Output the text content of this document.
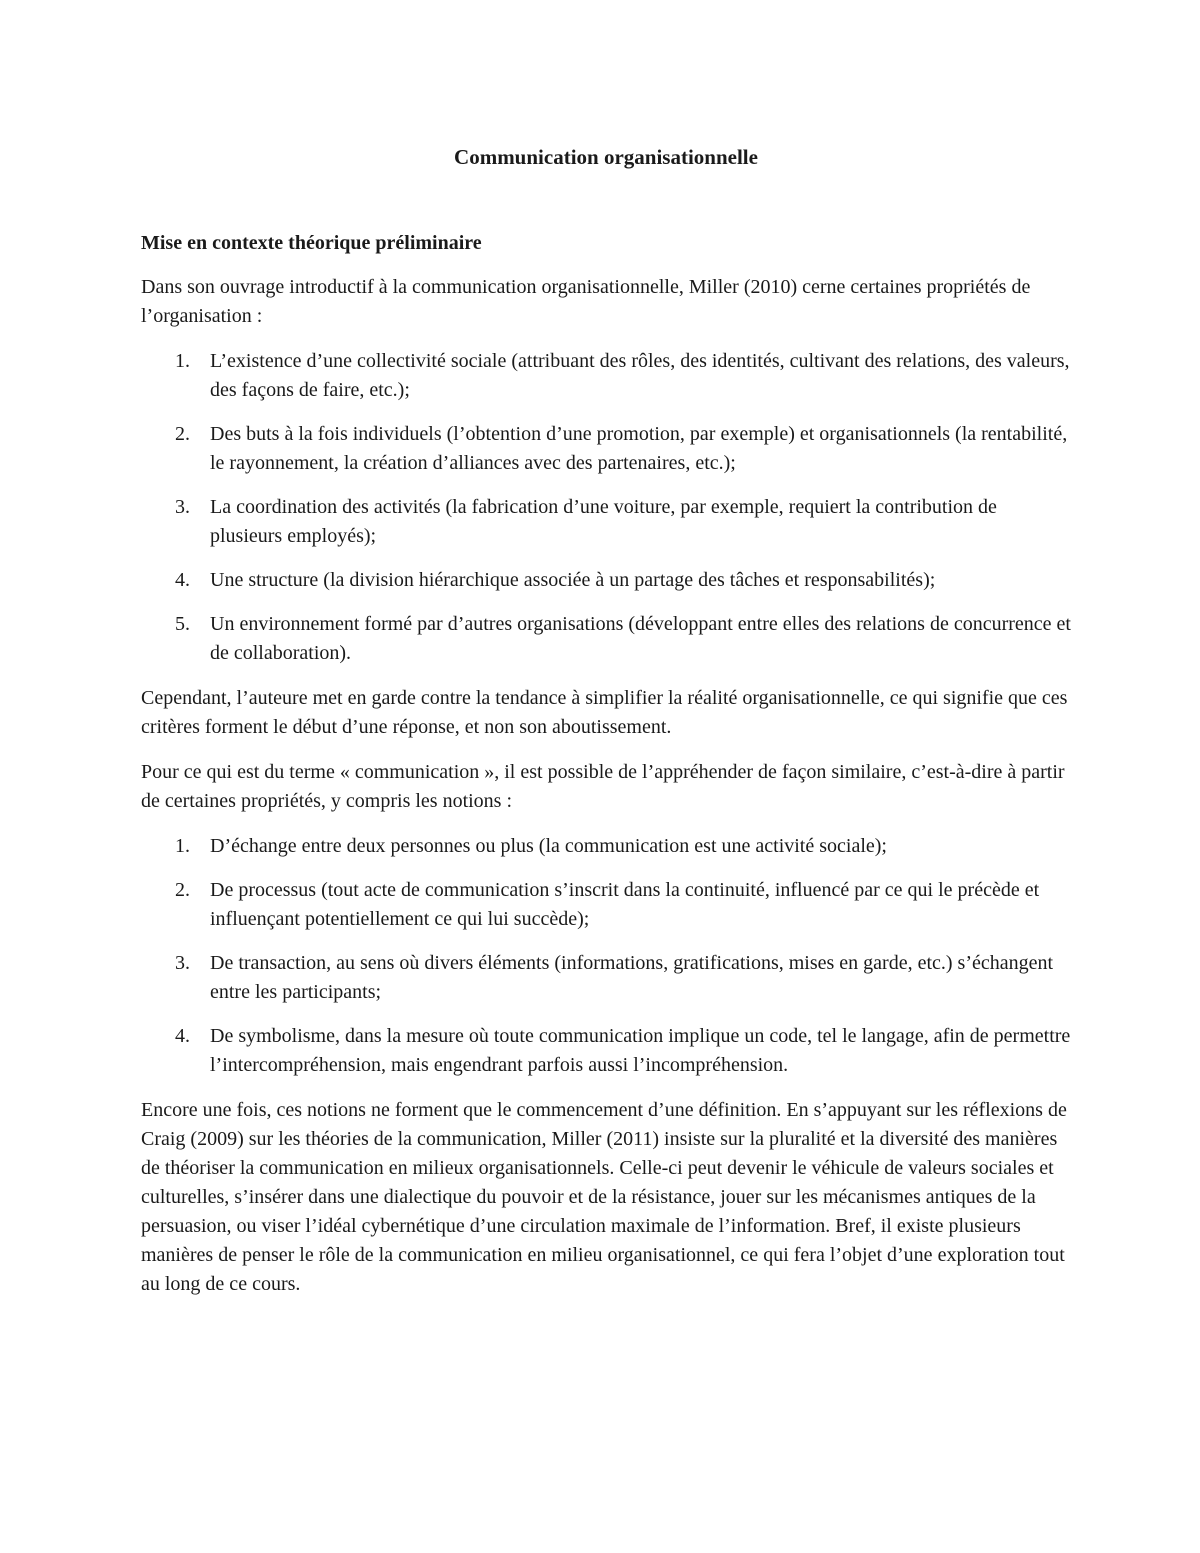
Communication organisationnelle
Mise en contexte théorique préliminaire

Dans son ouvrage introductif à la communication organisationnelle, Miller (2010) cerne certaines propriétés de l’organisation :

1. L’existence d’une collectivité sociale (attribuant des rôles, des identités, cultivant des relations, des valeurs, des façons de faire, etc.);
2. Des buts à la fois individuels (l’obtention d’une promotion, par exemple) et organisationnels (la rentabilité, le rayonnement, la création d’alliances avec des partenaires, etc.);
3. La coordination des activités (la fabrication d’une voiture, par exemple, requiert la contribution de plusieurs employés);
4. Une structure (la division hiérarchique associée à un partage des tâches et responsabilités);
5. Un environnement formé par d’autres organisations (développant entre elles des relations de concurrence et de collaboration).

Cependant, l’auteure met en garde contre la tendance à simplifier la réalité organisationnelle, ce qui signifie que ces critères forment le début d’une réponse, et non son aboutissement.

Pour ce qui est du terme « communication », il est possible de l’appréhender de façon similaire, c’est-à-dire à partir de certaines propriétés, y compris les notions :

1. D’échange entre deux personnes ou plus (la communication est une activité sociale);
2. De processus (tout acte de communication s’inscrit dans la continuité, influencé par ce qui le précède et influençant potentiellement ce qui lui succède);
3. De transaction, au sens où divers éléments (informations, gratifications, mises en garde, etc.) s’échangent entre les participants;
4. De symbolisme, dans la mesure où toute communication implique un code, tel le langage, afin de permettre l’intercompréhension, mais engendrant parfois aussi l’incompréhension.

Encore une fois, ces notions ne forment que le commencement d’une définition. En s’appuyant sur les réflexions de Craig (2009) sur les théories de la communication, Miller (2011) insiste sur la pluralité et la diversité des manières de théoriser la communication en milieux organisationnels. Celle-ci peut devenir le véhicule de valeurs sociales et culturelles, s’insérer dans une dialectique du pouvoir et de la résistance, jouer sur les mécanismes antiques de la persuasion, ou viser l’idéal cybernétique d’une circulation maximale de l’information. Bref, il existe plusieurs manières de penser le rôle de la communication en milieu organisationnel, ce qui fera l’objet d’une exploration tout au long de ce cours.
